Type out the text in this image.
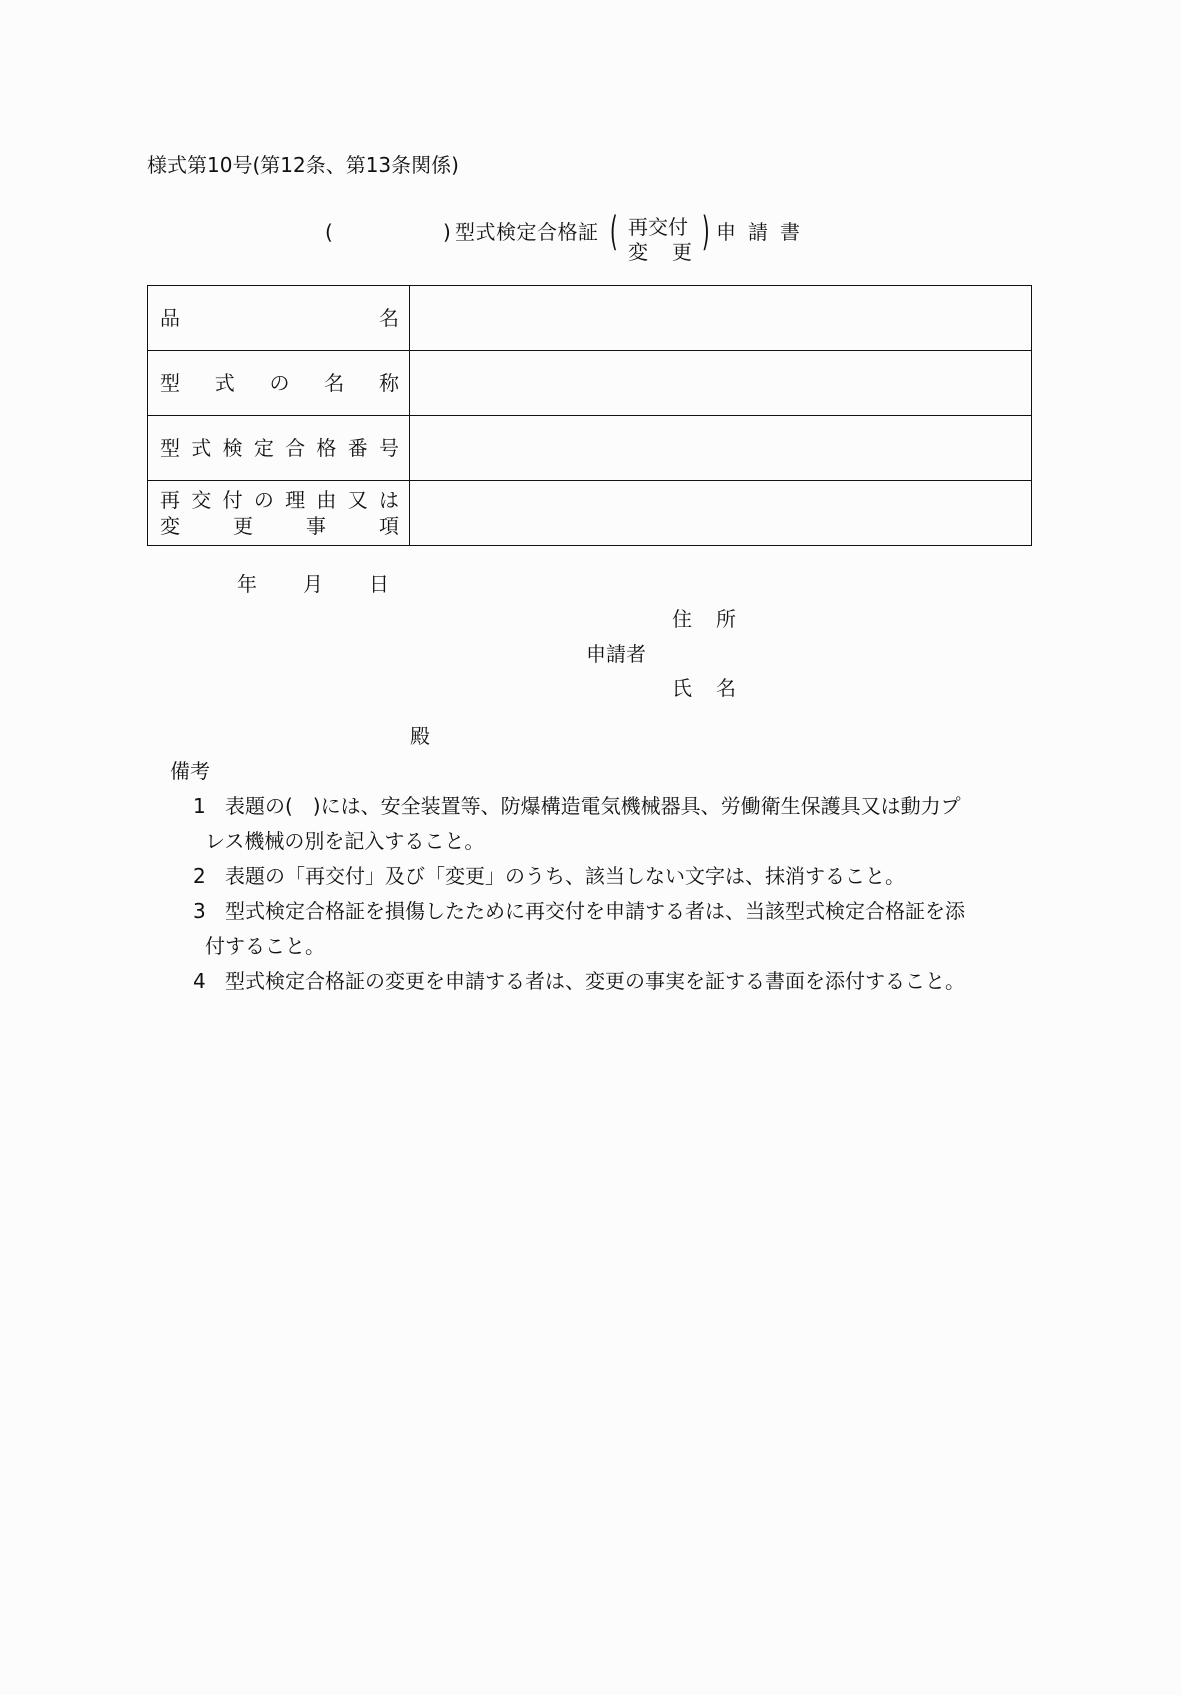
様式第10号(第12条、第13条関係)
(	) 型式検定合格証 ( 再交付
変 更 ) 申請書
品 名	

型 式 の 名 称	

型 式 検 定 合 格 番 号

再 交 付 の 理 由 又 は
変	更	事	項

年 月 日
住所
申請者
氏名
殿
備考
1 表題の(　)には、安全装置等、防爆構造電気機械器具、労働衛生保護具又は動力プ
レス機械の別を記入すること。
2 表題の「再交付」及び「変更」のうち、該当しない文字は、抹消すること。
3 型式検定合格証を損傷したために再交付を申請する者は、当該型式検定合格証を添
付すること。
4 型式検定合格証の変更を申請する者は、変更の事実を証する書面を添付すること。
